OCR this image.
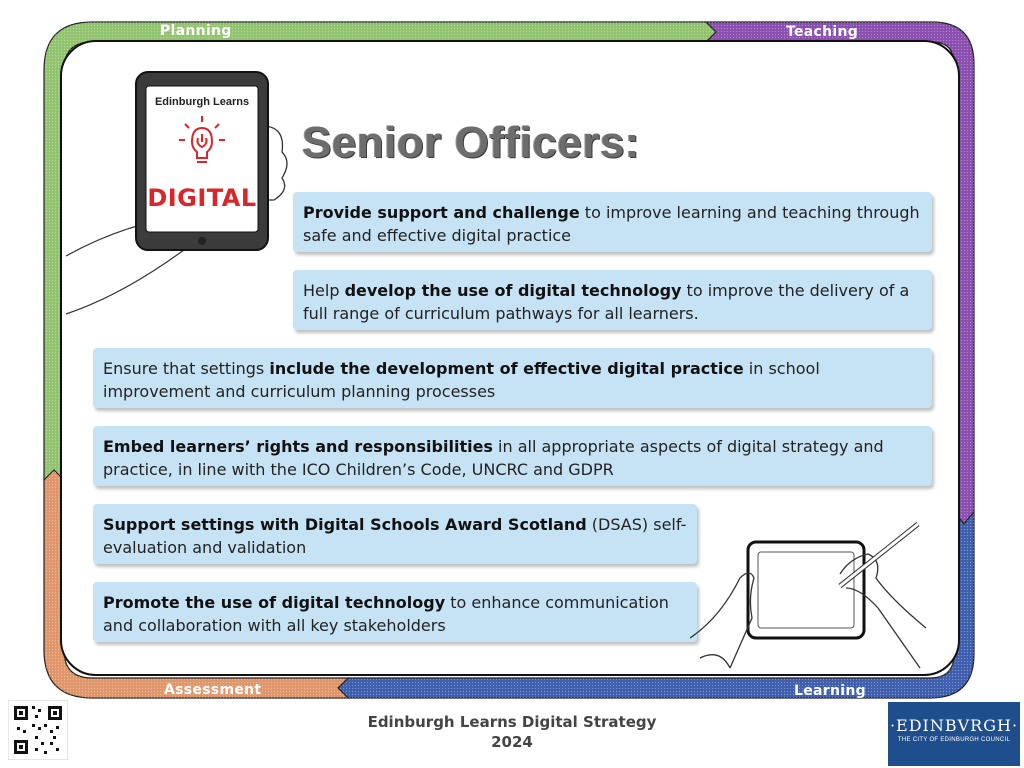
Planning	Teaching
Assessment	Learning
Edinburgh Learns
DIGITAL
Senior Officers:
Provide support and challenge to improve learning and teaching through safe and effective digital practice
Help develop the use of digital technology to improve the delivery of a full range of curriculum pathways for all learners.
Ensure that settings include the development of effective digital practice in school improvement and curriculum planning processes
Embed learners’ rights and responsibilities in all appropriate aspects of digital strategy and practice, in line with the ICO Children’s Code, UNCRC and GDPR
Support settings with Digital Schools Award Scotland (DSAS) self-evaluation and validation
Promote the use of digital technology to enhance communication and collaboration with all key stakeholders
Edinburgh Learns Digital Strategy
2024
·EDINBVRGH·
THE CITY OF EDINBURGH COUNCIL
